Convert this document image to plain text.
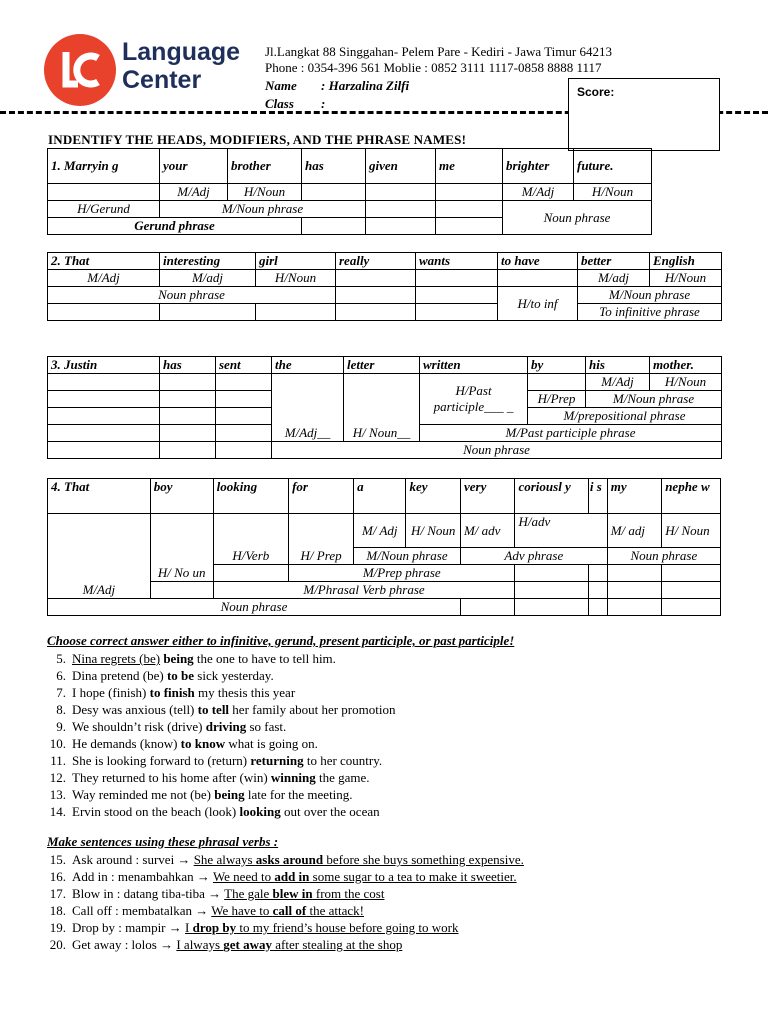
Language
Center
Jl.Langkat 88 Singgahan- Pelem Pare - Kediri - Jawa Timur 64213
Phone : 0354-396 561 Moblie : 0852 3111 1117-0858 8888 1117
Name : Harzalina Zilfi
Class :
Score:
INDENTIFY THE HEADS, MODIFIERS, AND THE PHRASE NAMES!
1. Marryin g	your	brother	has	given	me	brighter	future.
	M/Adj	H/Noun				M/Adj	H/Noun
H/Gerund	M/Noun phrase					Noun phrase	
Gerund phrase							
2. That	interesting	girl	really	wants	to have	better	English
M/Adj	M/adj	H/Noun				M/adj	H/Noun
Noun phrase					H/to inf	M/Noun phrase	
						To infinitive phrase	
3. Justin	has	sent	the	letter	written	by	his	mother.
			M/Adj__	H/ Noun__	H/Past participle___ _		M/Adj	H/Noun
						H/Prep	M/Noun phrase	
						M/prepositional phrase		
					M/Past participle phrase			
			Noun phrase					
4. That	boy	looking	for	a	key	very	coriousl y	i s	my	nephe w
M/Adj	H/ No un	H/Verb	H/ Prep	M/ Adj	H/ Noun	M/ adv	H/adv		M/ adj	H/ Noun
				M/Noun phrase		Adv phrase			Noun phrase	
			M/Prep phrase							
		M/Phrasal Verb phrase								
Noun phrase										
Choose correct answer either to infinitive, gerund, present participle, or past participle!
5. Nina regrets (be) being the one to have to tell him.
6. Dina pretend (be) to be sick yesterday.
7. I hope (finish) to finish my thesis this year
8. Desy was anxious (tell) to tell her family about her promotion
9. We shouldn’t risk (drive) driving so fast.
10. He demands (know) to know what is going on.
11. She is looking forward to (return) returning to her country.
12. They returned to his home after (win) winning the game.
13. Way reminded me not (be) being late for the meeting.
14. Ervin stood on the beach (look) looking out over the ocean
Make sentences using these phrasal verbs :
15. Ask around : survei → She always asks around before she buys something expensive.
16. Add in : menambahkan → We need to add in some sugar to a tea to make it sweetier.
17. Blow in : datang tiba-tiba → The gale blew in from the cost
18. Call off : membatalkan → We have to call of the attack!
19. Drop by : mampir → I drop by to my friend’s house before going to work
20. Get away : lolos → I always get away after stealing at the shop
